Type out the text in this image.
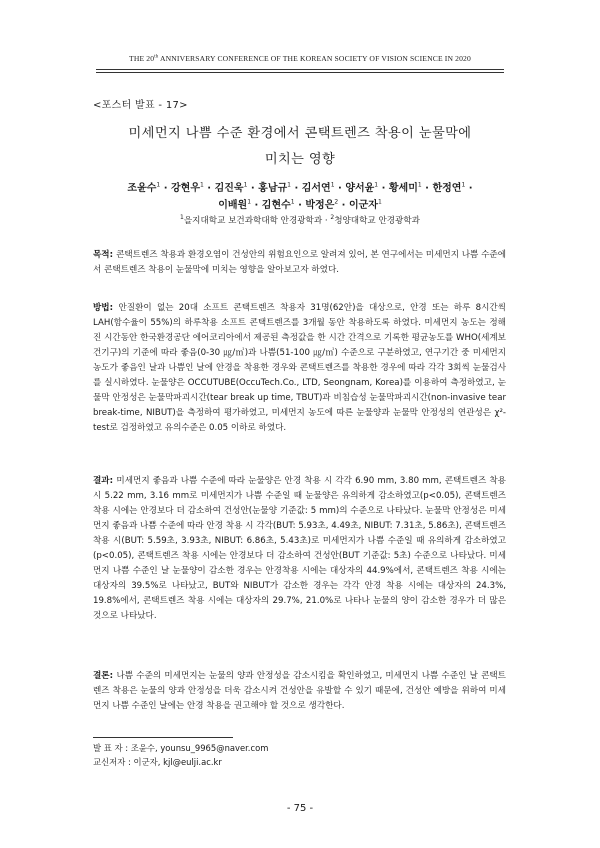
THE 20th ANNIVERSARY CONFERENCE OF THE KOREAN SOCIETY OF VISION SCIENCE IN 2020
<포스터 발표 - 17>
미세먼지 나쁨 수준 환경에서 콘택트렌즈 착용이 눈물막에
미치는 영향
조윤수$^1$ · 강현우$^1$ · 김진욱$^1$ · 홍남규$^1$ · 김서연$^1$ · 양서윤$^1$ · 황세미$^1$ · 한정연$^1$ ·
이배원$^1$ · 김현수$^1$ · 박정은$^2$ · 이군자$^1$
$^1$을지대학교 보건과학대학 안경광학과 · $^2$청양대학교 안경광학과

목적: 콘택트렌즈 착용과 환경오염이 건성안의 위험요인으로 알려져 있어, 본 연구에서는 미세먼지 나쁨 수준에서 콘택트렌즈 착용이 눈물막에 미치는 영향을 알아보고자 하였다.

방법: 안질환이 없는 20대 소프트 콘택트렌즈 착용자 31명(62안)을 대상으로, 안경 또는 하루 8시간씩 LAH(함수율이 55%)의 하루착용 소프트 콘택트렌즈를 3개월 동안 착용하도록 하였다. 미세먼지 농도는 정해진 시간동안 한국환경공단 에어코리아에서 제공된 측정값을 한 시간 간격으로 기록한 평균농도를 WHO(세계보건기구)의 기준에 따라 좋음(0-30 ㎍/㎥)과 나쁨(51-100 ㎍/㎥) 수준으로 구분하였고, 연구기간 중 미세먼지 농도가 좋음인 날과 나쁨인 날에 안경을 착용한 경우와 콘택트렌즈를 착용한 경우에 따라 각각 3회씩 눈물검사를 실시하였다. 눈물양은 OCCUTUBE(OccuTech.Co., LTD, Seongnam, Korea)를 이용하여 측정하였고, 눈물막 안정성은 눈물막파괴시간(tear break up time, TBUT)과 비침습성 눈물막파괴시간(non-invasive tear break-time, NIBUT)을 측정하여 평가하였고, 미세먼지 농도에 따른 눈물양과 눈물막 안정성의 연관성은 χ²-test로 검정하였고 유의수준은 0.05 이하로 하였다.

결과: 미세먼지 좋음과 나쁨 수준에 따라 눈물양은 안경 착용 시 각각 6.90 mm, 3.80 mm, 콘택트렌즈 착용 시 5.22 mm, 3.16 mm로 미세먼지가 나쁨 수준일 때 눈물양은 유의하게 감소하였고(p<0.05), 콘택트렌즈 착용 시에는 안경보다 더 감소하여 건성안(눈물양 기준값: 5 mm)의 수준으로 나타났다. 눈물막 안정성은 미세먼지 좋음과 나쁨 수준에 따라 안경 착용 시 각각(BUT: 5.93초, 4.49초, NIBUT: 7.31초, 5.86초), 콘택트렌즈 착용 시(BUT: 5.59초, 3.93초, NIBUT: 6.86초, 5.43초)로 미세먼지가 나쁨 수준일 때 유의하게 감소하였고(p<0.05), 콘택트렌즈 착용 시에는 안경보다 더 감소하여 건성안(BUT 기준값: 5초) 수준으로 나타났다. 미세먼지 나쁨 수준인 날 눈물양이 감소한 경우는 안경착용 시에는 대상자의 44.9%에서, 콘택트렌즈 착용 시에는 대상자의 39.5%로 나타났고, BUT와 NIBUT가 감소한 경우는 각각 안경 착용 시에는 대상자의 24.3%, 19.8%에서, 콘택트렌즈 착용 시에는 대상자의 29.7%, 21.0%로 나타나 눈물의 양이 감소한 경우가 더 많은 것으로 나타났다.

결론: 나쁨 수준의 미세먼지는 눈물의 양과 안정성을 감소시킴을 확인하였고, 미세먼지 나쁨 수준인 날 콘택트렌즈 착용은 눈물의 양과 안정성을 더욱 감소시켜 건성안을 유발할 수 있기 때문에, 건성안 예방을 위하여 미세먼지 나쁨 수준인 날에는 안경 착용을 권고해야 할 것으로 생각한다.

발 표 자 : 조윤수, younsu_9965@naver.com
교신저자 : 이군자, kjl@eulji.ac.kr
- 75 -
